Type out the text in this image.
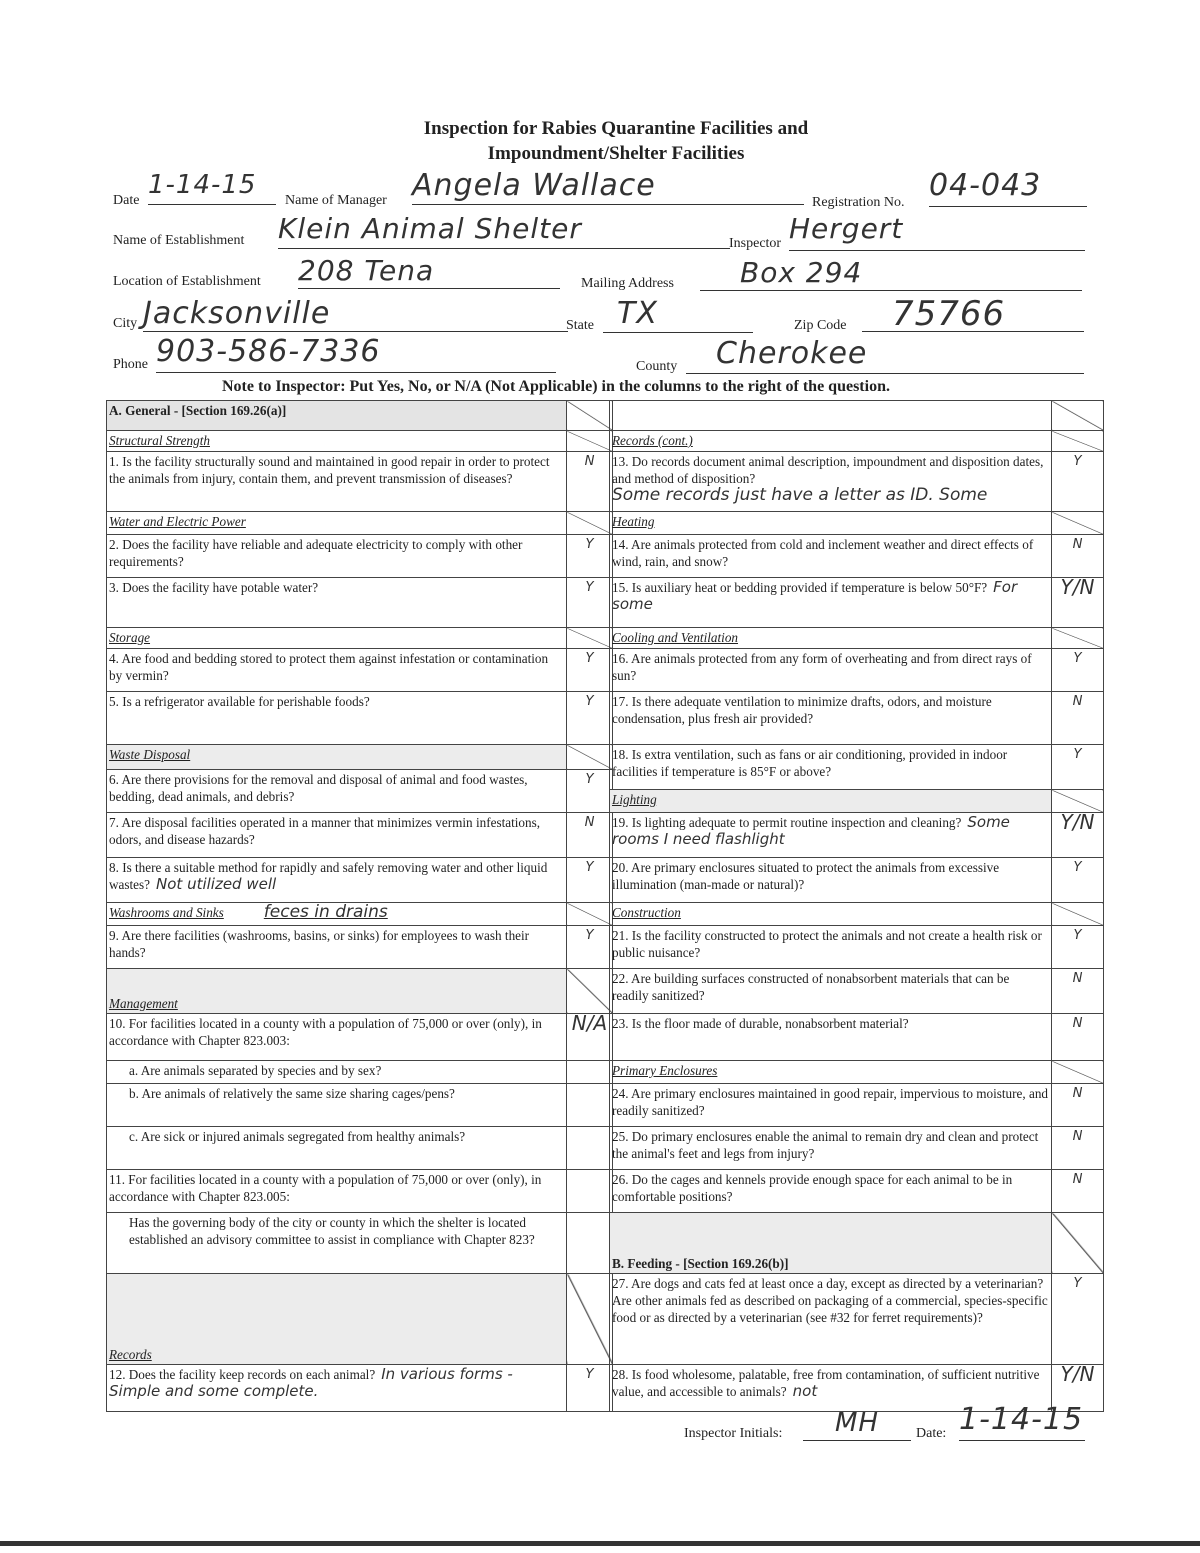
Inspection for Rabies Quarantine Facilities and
Impoundment/Shelter Facilities
Date
1-14-15
Name of Manager Angela Wallace	Registration No. 04-043
Name of Establishment Klein Animal Shelter	Inspector Hergert
Location of Establishment 208 Tena	Mailing Address	Box 294
City Jacksonville	State TX	Zip Code	75766
Phone 903-586-7336	County	Cherokee
Note to Inspector: Put Yes, No, or N/A (Not Applicable) in the columns to the right of the question.
A. General - [Section 169.26(a)]	
Structural Strength	
1. Is the facility structurally sound and maintained in good repair in order to protect the animals from injury, contain them, and prevent transmission of diseases?	N
Water and Electric Power	
2. Does the facility have reliable and adequate electricity to comply with other requirements?	Y
3. Does the facility have potable water?	Y
Storage	
4. Are food and bedding stored to protect them against infestation or contamination by vermin?	Y
5. Is a refrigerator available for perishable foods?	Y
Waste Disposal	
6. Are there provisions for the removal and disposal of animal and food wastes, bedding, dead animals, and debris?	Y
7. Are disposal facilities operated in a manner that minimizes vermin infestations, odors, and disease hazards?	N
8. Is there a suitable method for rapidly and safely removing water and other liquid wastes? Not utilized well	Y
Washrooms and Sinks feces in drains	
9. Are there facilities (washrooms, basins, or sinks) for employees to wash their hands?	Y
Management	
10. For facilities located in a county with a population of 75,000 or over (only), in accordance with Chapter 823.003:	N/A
a. Are animals separated by species and by sex?	
b. Are animals of relatively the same size sharing cages/pens?	
c. Are sick or injured animals segregated from healthy animals?	
11. For facilities located in a county with a population of 75,000 or over (only), in accordance with Chapter 823.005:	
Has the governing body of the city or county in which the shelter is located established an advisory committee to assist in compliance with Chapter 823?	
Records	
12. Does the facility keep records on each animal? In various forms - Simple and some complete.	Y

Records (cont.)	
13. Do records document animal description, impoundment and disposition dates, and method of disposition?
Some records just have a letter as ID. Some	Y
Heating	
14. Are animals protected from cold and inclement weather and direct effects of wind, rain, and snow?	N
15. Is auxiliary heat or bedding provided if temperature is below 50°F? For some	Y/N
Cooling and Ventilation	
16. Are animals protected from any form of overheating and from direct rays of sun?	Y
17. Is there adequate ventilation to minimize drafts, odors, and moisture condensation, plus fresh air provided?	N
18. Is extra ventilation, such as fans or air conditioning, provided in indoor facilities if temperature is 85°F or above?	Y
Lighting	
19. Is lighting adequate to permit routine inspection and cleaning? Some rooms I need flashlight	Y/N
20. Are primary enclosures situated to protect the animals from excessive illumination (man-made or natural)?	Y
Construction	
21. Is the facility constructed to protect the animals and not create a health risk or public nuisance?	Y
22. Are building surfaces constructed of nonabsorbent materials that can be readily sanitized?	N
23. Is the floor made of durable, nonabsorbent material?	N
Primary Enclosures	
24. Are primary enclosures maintained in good repair, impervious to moisture, and readily sanitized?	N
25. Do primary enclosures enable the animal to remain dry and clean and protect the animal's feet and legs from injury?	N
26. Do the cages and kennels provide enough space for each animal to be in comfortable positions?	N
B. Feeding - [Section 169.26(b)]	
27. Are dogs and cats fed at least once a day, except as directed by a veterinarian? Are other animals fed as described on packaging of a commercial, species-specific food or as directed by a veterinarian (see #32 for ferret requirements)?	Y
28. Is food wholesome, palatable, free from contamination, of sufficient nutritive value, and accessible to animals? not	Y/N
Inspector Initials:	MH	Date: 1-14-15
